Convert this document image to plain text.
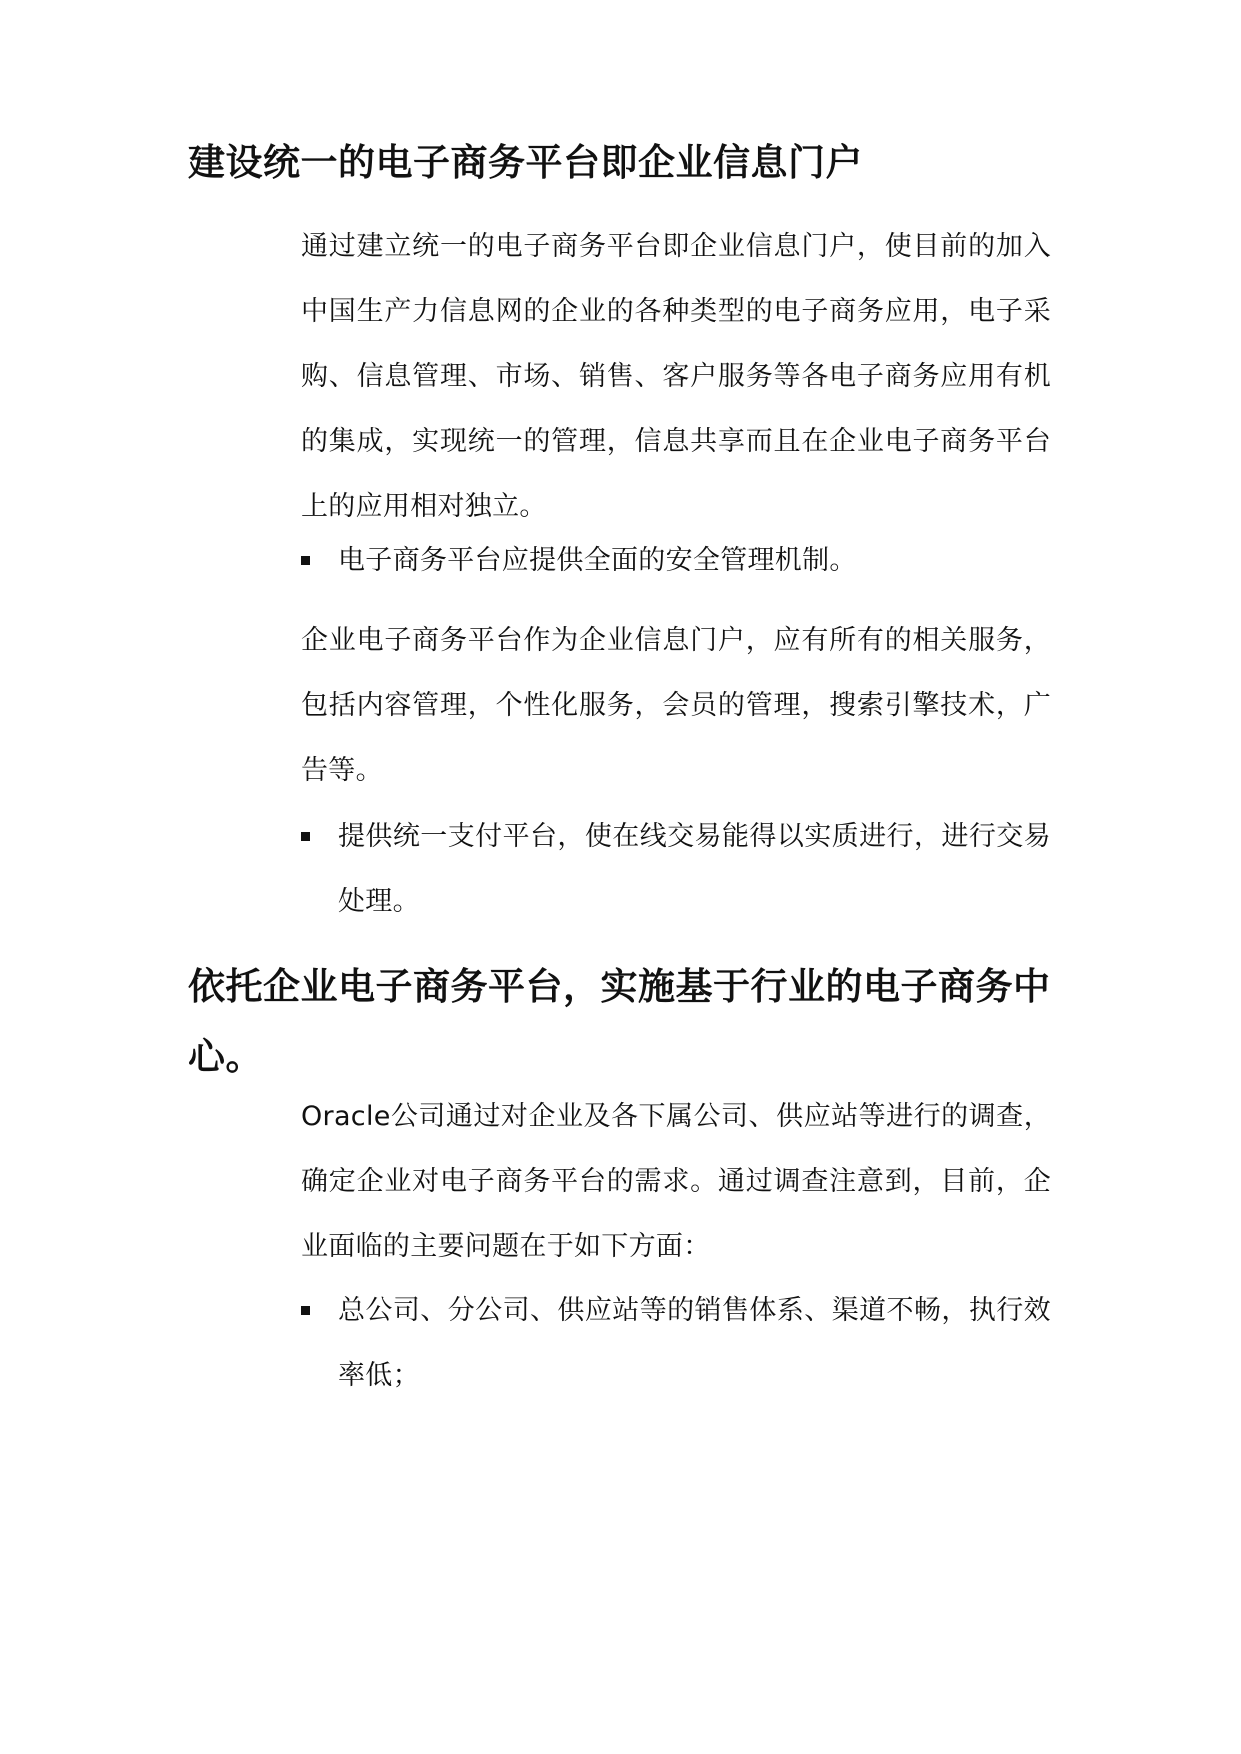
建设统一的电子商务平台即企业信息门户

通过建立统一的电子商务平台即企业信息门户，使目前的加入中国生产力信息网的企业的各种类型的电子商务应用，电子采购、信息管理、市场、销售、客户服务等各电子商务应用有机的集成，实现统一的管理，信息共享而且在企业电子商务平台上的应用相对独立。

电子商务平台应提供全面的安全管理机制。

企业电子商务平台作为企业信息门户，应有所有的相关服务，包括内容管理，个性化服务，会员的管理，搜索引擎技术，广告等。

提供统一支付平台，使在线交易能得以实质进行，进行交易处理。
依托企业电子商务平台，实施基于行业的电子商务中心。

Oracle公司通过对企业及各下属公司、供应站等进行的调查，确定企业对电子商务平台的需求。通过调查注意到，目前，企业面临的主要问题在于如下方面：

总公司、分公司、供应站等的销售体系、渠道不畅，执行效率低；
